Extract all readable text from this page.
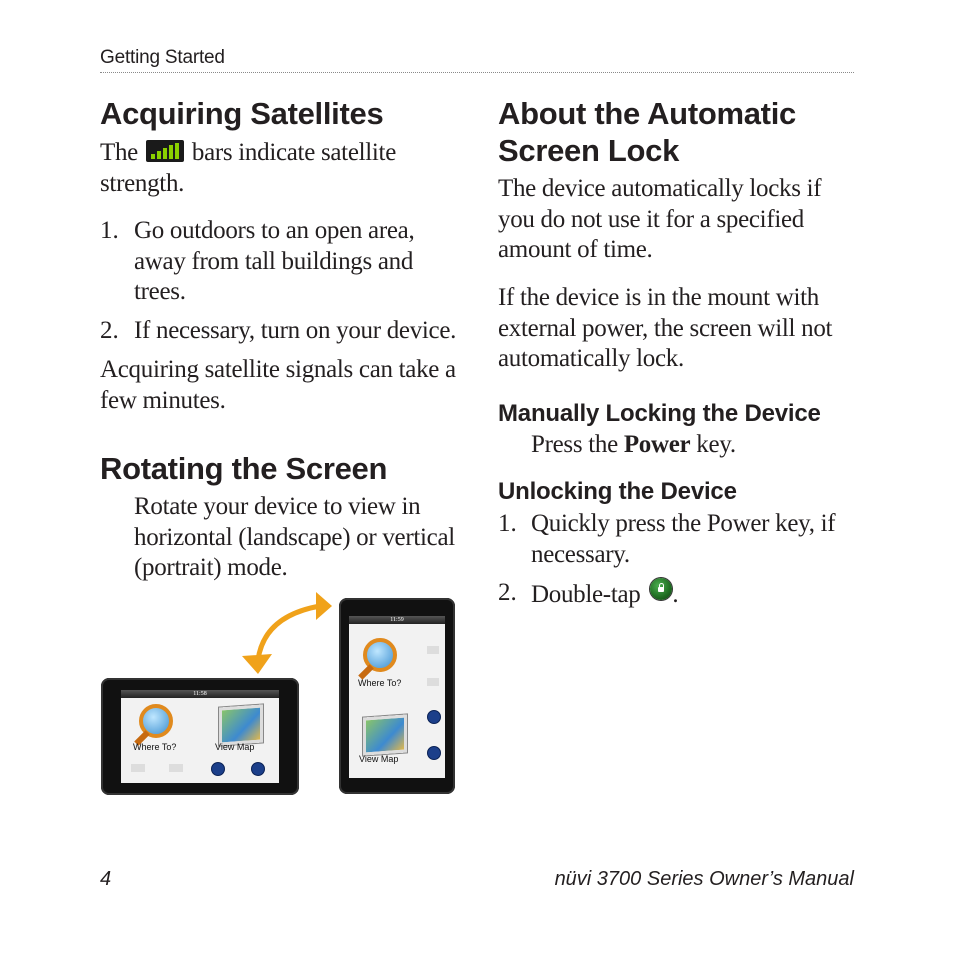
Getting Started
Acquiring Satellites
The bars indicate satellite
strength.
1. Go outdoors to an open area,
away from tall buildings and
trees.
2. If necessary, turn on your device.
Acquiring satellite signals can take a
few minutes.
Rotating the Screen
Rotate your device to view in
horizontal (landscape) or vertical
(portrait) mode.
11:58
Where To?	View Map
11:59
Where To?
View Map
About the Automatic
Screen Lock
The device automatically locks if
you do not use it for a specified
amount of time.
If the device is in the mount with
external power, the screen will not
automatically lock.
Manually Locking the Device
Press the Power key.
Unlocking the Device
1. Quickly press the Power key, if
necessary.
2. Double-tap .
4	nüvi 3700 Series Owner’s Manual
